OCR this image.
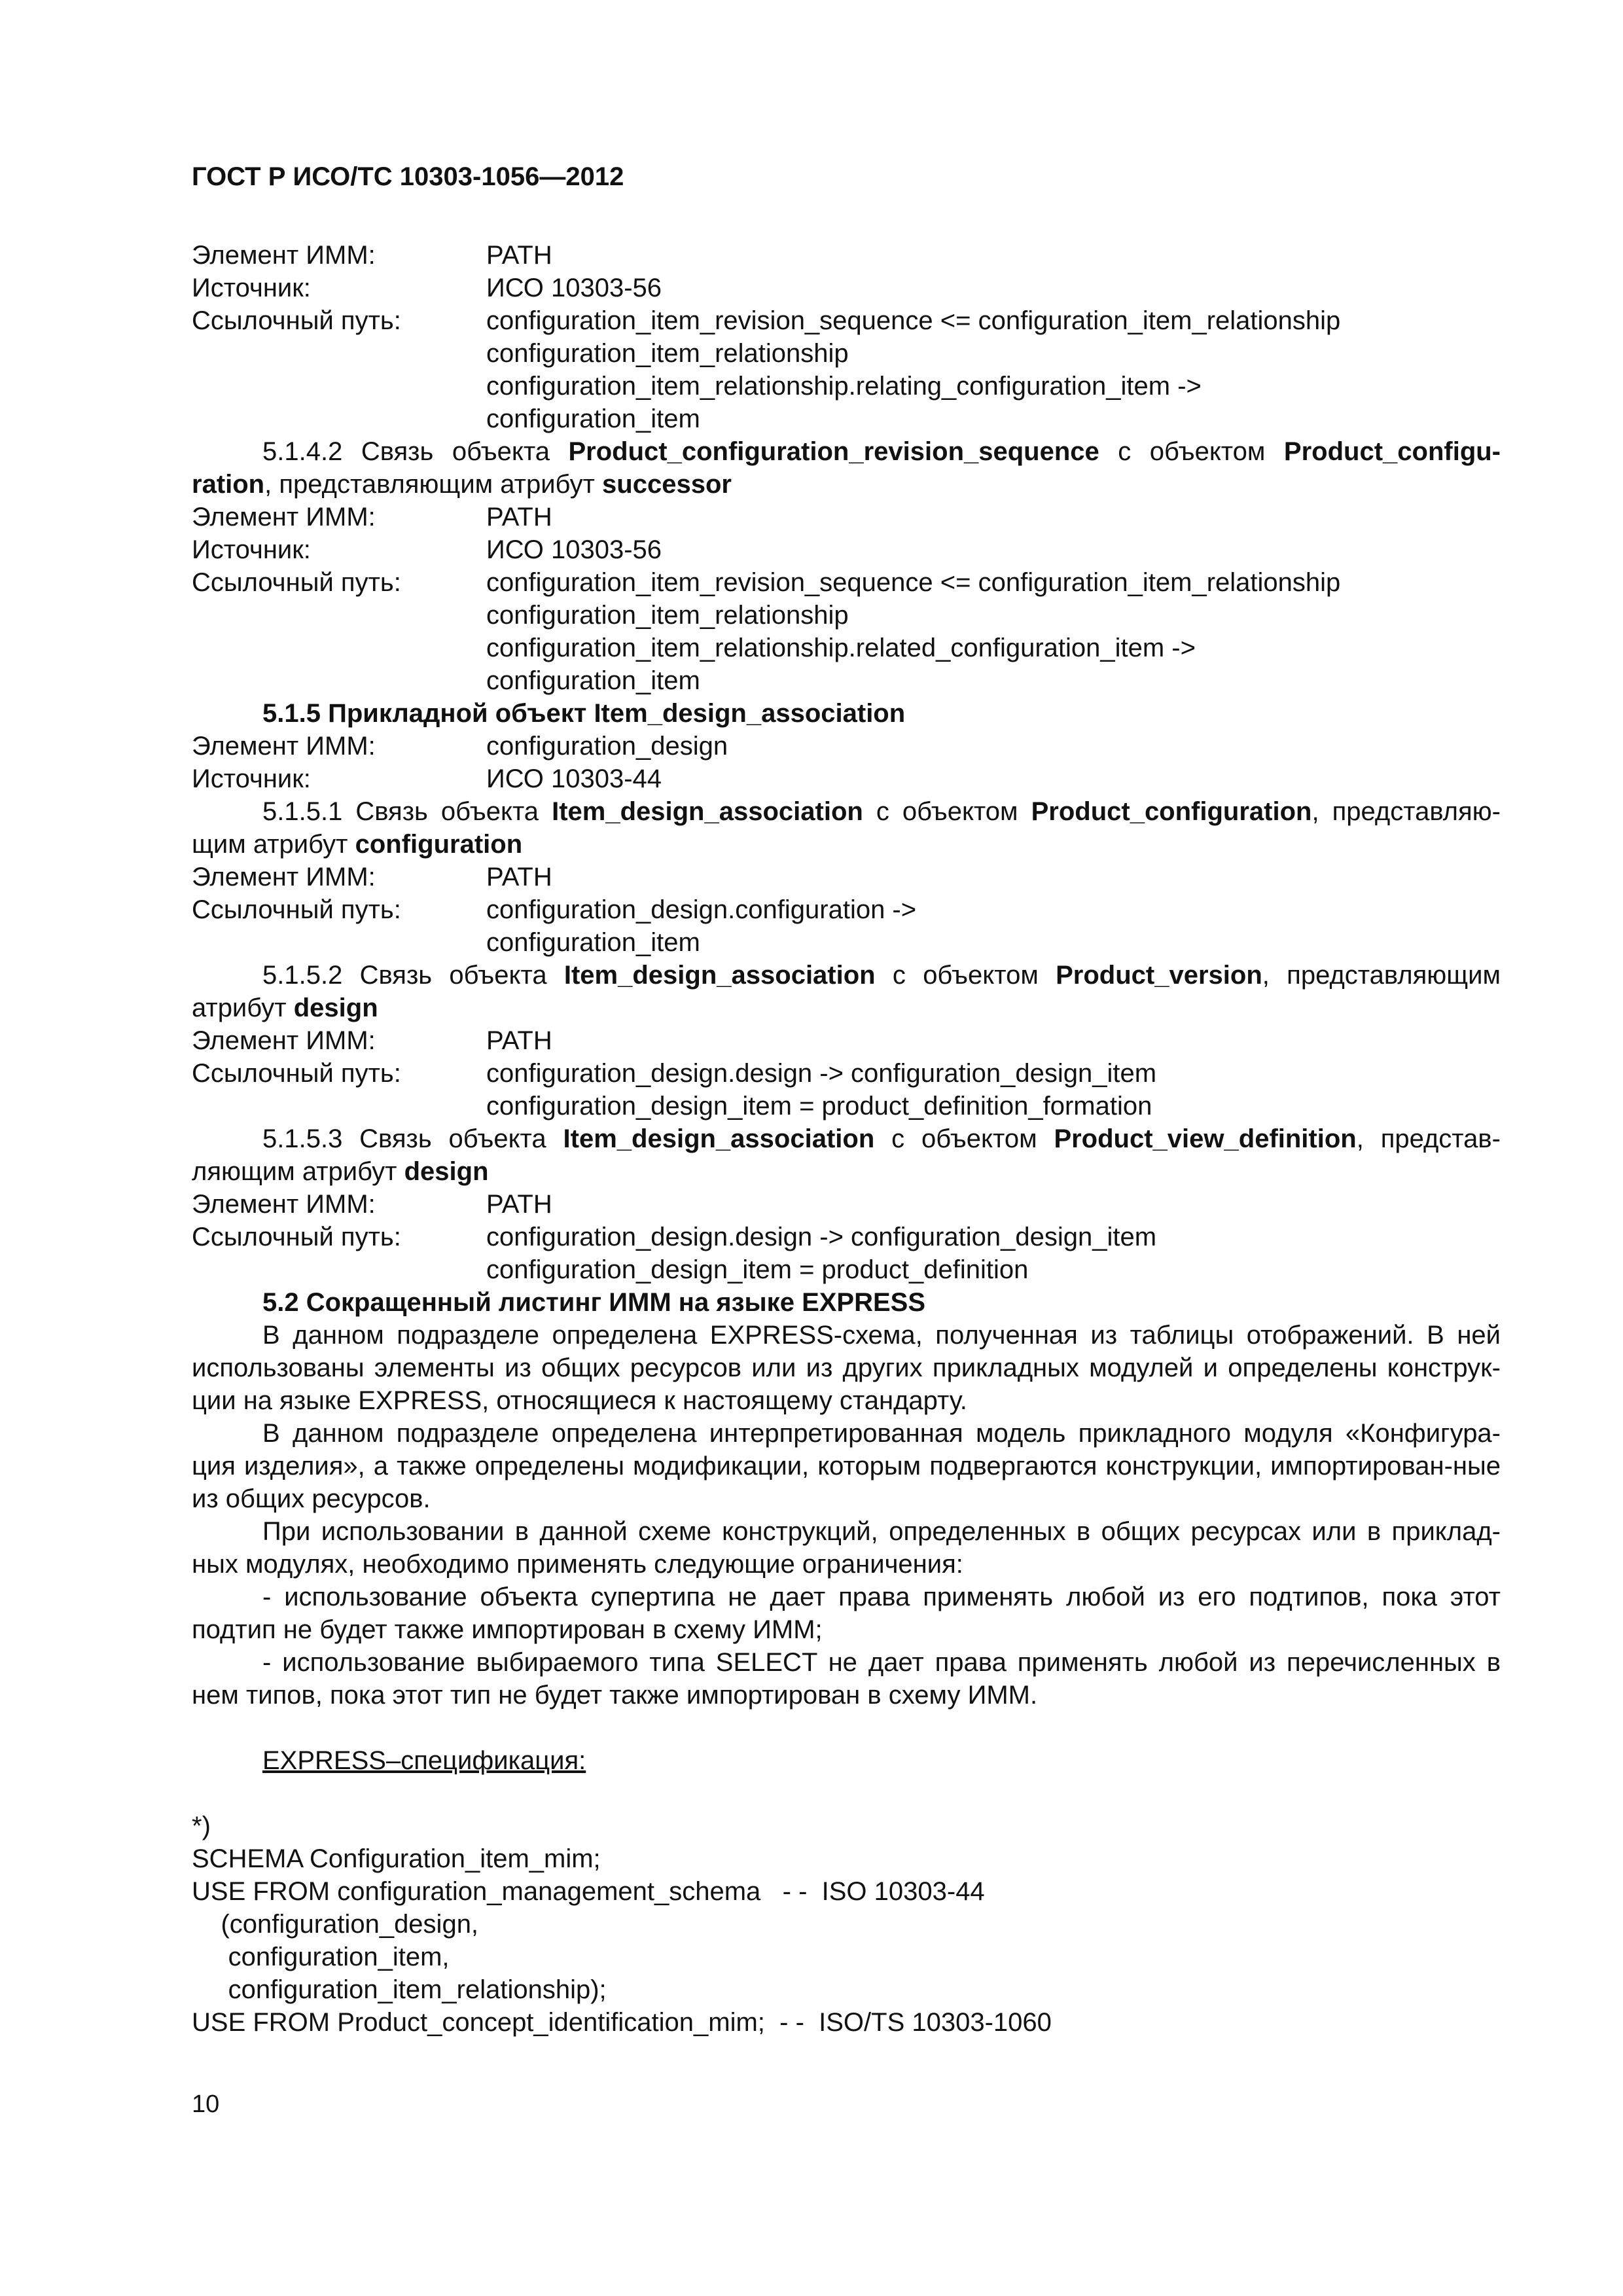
ГОСТ Р ИСО/ТС 10303-1056—2012
Элемент ИММ:	PATH
Источник:	ИСО 10303-56
Ссылочный путь:	configuration_item_revision_sequence <= configuration_item_relationship
configuration_item_relationship
configuration_item_relationship.relating_configuration_item ->
configuration_item

5.1.4.2 Связь объекта Product_configuration_revision_sequence с объектом Product_configu-ration, представляющим атрибут successor

Элемент ИММ:	PATH
Источник:	ИСО 10303-56
Ссылочный путь:	configuration_item_revision_sequence <= configuration_item_relationship
configuration_item_relationship
configuration_item_relationship.related_configuration_item ->
configuration_item
5.1.5 Прикладной объект Item_design_association
Элемент ИММ:	configuration_design
Источник:	ИСО 10303-44

5.1.5.1 Связь объекта Item_design_association с объектом Product_configuration, представляю-щим атрибут configuration

Элемент ИММ:	PATH
Ссылочный путь:	configuration_design.configuration ->
configuration_item

5.1.5.2 Связь объекта Item_design_association с объектом Product_version, представляющим атрибут design

Элемент ИММ:	PATH
Ссылочный путь:	configuration_design.design -> configuration_design_item
configuration_design_item = product_definition_formation

5.1.5.3 Связь объекта Item_design_association с объектом Product_view_definition, представ-ляющим атрибут design

Элемент ИММ:	PATH
Ссылочный путь:	configuration_design.design -> configuration_design_item
configuration_design_item = product_definition
5.2 Сокращенный листинг ИММ на языке EXPRESS

В данном подразделе определена EXPRESS-схема, полученная из таблицы отображений. В ней использованы элементы из общих ресурсов или из других прикладных модулей и определены конструк-ции на языке EXPRESS, относящиеся к настоящему стандарту.

В данном подразделе определена интерпретированная модель прикладного модуля «Конфигура-ция изделия», а также определены модификации, которым подвергаются конструкции, импортирован-ные из общих ресурсов.

При использовании в данной схеме конструкций, определенных в общих ресурсах или в приклад-ных модулях, необходимо применять следующие ограничения:

- использование объекта супертипа не дает права применять любой из его подтипов, пока этот подтип не будет также импортирован в схему ИММ;

- использование выбираемого типа SELECT не дает права применять любой из перечисленных в нем типов, пока этот тип не будет также импортирован в схему ИММ.

EXPRESS–спецификация:
*)
SCHEMA Configuration_item_mim;
USE FROM configuration_management_schema   - -  ISO 10303-44
(configuration_design,
configuration_item,
configuration_item_relationship);
USE FROM Product_concept_identification_mim;  - -  ISO/TS 10303-1060
10
